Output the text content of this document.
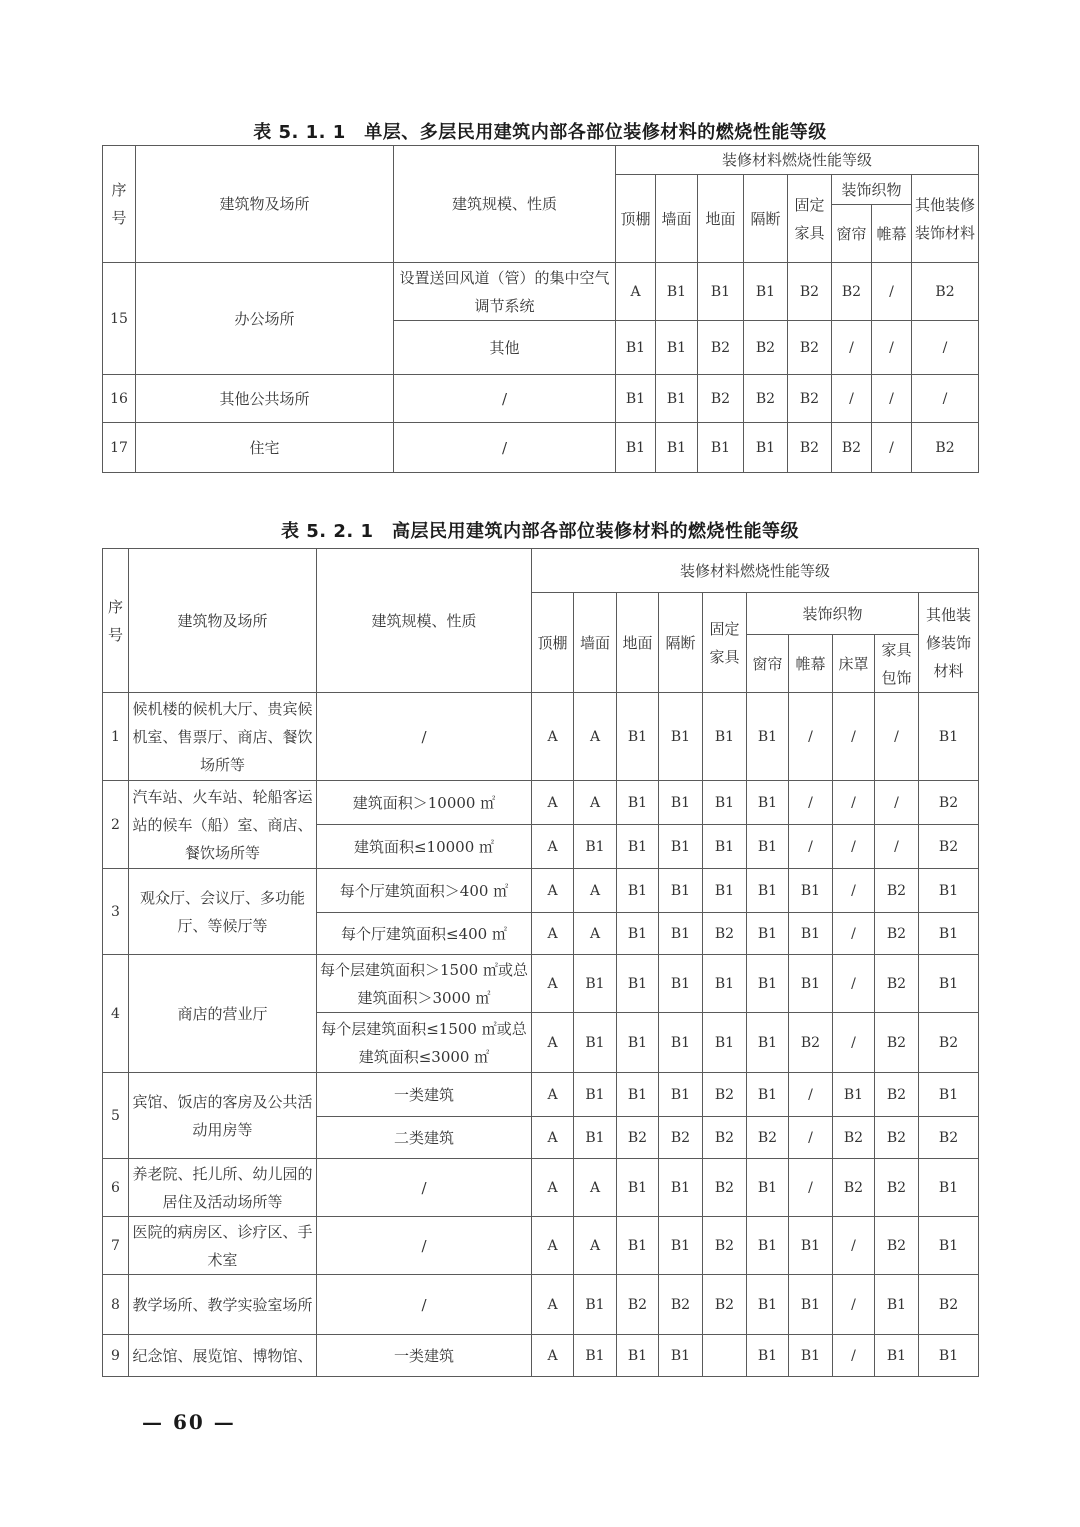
表 5. 1. 1　单层、多层民用建筑内部各部位装修材料的燃烧性能等级
序号	建筑物及场所	建筑规模、性质	装修材料燃烧性能等级							
			顶棚	墙面	地面	隔断	固定家具	装饰织物		其他装修装饰材料
								窗帘	帷幕	
15	办公场所	设置送回风道（管）的集中空气调节系统	A	B1	B1	B1	B2	B2	/	B2
		其他	B1	B1	B2	B2	B2	/	/	/
16	其他公共场所	/	B1	B1	B2	B2	B2	/	/	/
17	住宅	/	B1	B1	B1	B1	B2	B2	/	B2
表 5. 2. 1　高层民用建筑内部各部位装修材料的燃烧性能等级
序号	建筑物及场所	建筑规模、性质	装修材料燃烧性能等级									
			顶棚	墙面	地面	隔断	固定家具	装饰织物				其他装修装饰材料
								窗帘	帷幕	床罩	家具包饰	
1	候机楼的候机大厅、贵宾候机室、售票厅、商店、餐饮场所等	/	A	A	B1	B1	B1	B1	/	/	/	B1
2	汽车站、火车站、轮船客运站的候车（船）室、商店、餐饮场所等	建筑面积＞10000 ㎡	A	A	B1	B1	B1	B1	/	/	/	B2
		建筑面积≤10000 ㎡	A	B1	B1	B1	B1	B1	/	/	/	B2
3	观众厅、会议厅、多功能厅、等候厅等	每个厅建筑面积＞400 ㎡	A	A	B1	B1	B1	B1	B1	/	B2	B1
		每个厅建筑面积≤400 ㎡	A	A	B1	B1	B2	B1	B1	/	B2	B1
4	商店的营业厅	每个层建筑面积＞1500 ㎡或总建筑面积＞3000 ㎡	A	B1	B1	B1	B1	B1	B1	/	B2	B1
		每个层建筑面积≤1500 ㎡或总建筑面积≤3000 ㎡	A	B1	B1	B1	B1	B1	B2	/	B2	B2
5	宾馆、饭店的客房及公共活动用房等	一类建筑	A	B1	B1	B1	B2	B1	/	B1	B2	B1
		二类建筑	A	B1	B2	B2	B2	B2	/	B2	B2	B2
6	养老院、托儿所、幼儿园的居住及活动场所等	/	A	A	B1	B1	B2	B1	/	B2	B2	B1
7	医院的病房区、诊疗区、手术室	/	A	A	B1	B1	B2	B1	B1	/	B2	B1
8	教学场所、教学实验室场所	/	A	B1	B2	B2	B2	B1	B1	/	B1	B2
9	纪念馆、展览馆、博物馆、	一类建筑	A	B1	B1	B1		B1	B1	/	B1	B1
— 60 —
